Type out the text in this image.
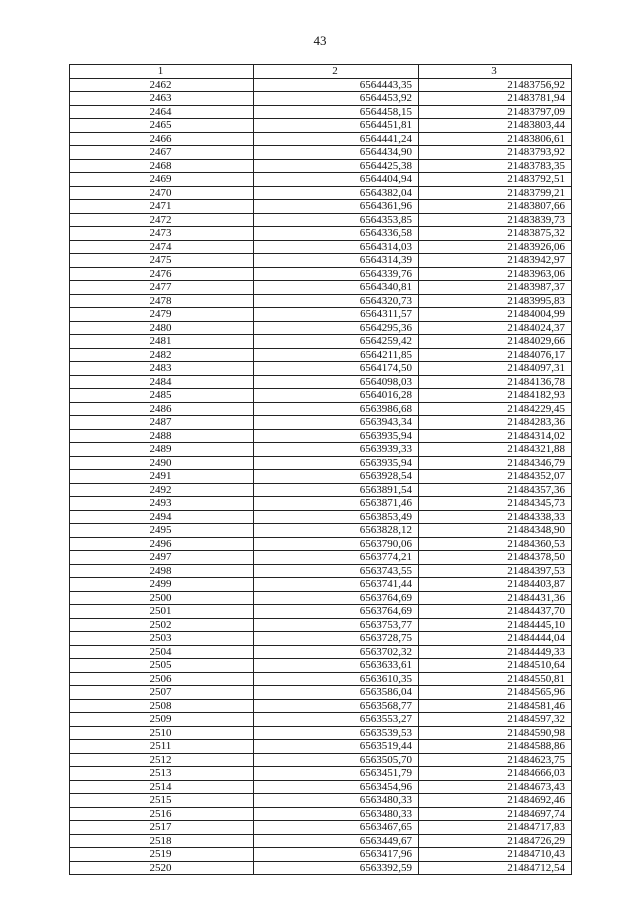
43
1	2	3
2462	6564443,35	21483756,92
2463	6564453,92	21483781,94
2464	6564458,15	21483797,09
2465	6564451,81	21483803,44
2466	6564441,24	21483806,61
2467	6564434,90	21483793,92
2468	6564425,38	21483783,35
2469	6564404,94	21483792,51
2470	6564382,04	21483799,21
2471	6564361,96	21483807,66
2472	6564353,85	21483839,73
2473	6564336,58	21483875,32
2474	6564314,03	21483926,06
2475	6564314,39	21483942,97
2476	6564339,76	21483963,06
2477	6564340,81	21483987,37
2478	6564320,73	21483995,83
2479	6564311,57	21484004,99
2480	6564295,36	21484024,37
2481	6564259,42	21484029,66
2482	6564211,85	21484076,17
2483	6564174,50	21484097,31
2484	6564098,03	21484136,78
2485	6564016,28	21484182,93
2486	6563986,68	21484229,45
2487	6563943,34	21484283,36
2488	6563935,94	21484314,02
2489	6563939,33	21484321,88
2490	6563935,94	21484346,79
2491	6563928,54	21484352,07
2492	6563891,54	21484357,36
2493	6563871,46	21484345,73
2494	6563853,49	21484338,33
2495	6563828,12	21484348,90
2496	6563790,06	21484360,53
2497	6563774,21	21484378,50
2498	6563743,55	21484397,53
2499	6563741,44	21484403,87
2500	6563764,69	21484431,36
2501	6563764,69	21484437,70
2502	6563753,77	21484445,10
2503	6563728,75	21484444,04
2504	6563702,32	21484449,33
2505	6563633,61	21484510,64
2506	6563610,35	21484550,81
2507	6563586,04	21484565,96
2508	6563568,77	21484581,46
2509	6563553,27	21484597,32
2510	6563539,53	21484590,98
2511	6563519,44	21484588,86
2512	6563505,70	21484623,75
2513	6563451,79	21484666,03
2514	6563454,96	21484673,43
2515	6563480,33	21484692,46
2516	6563480,33	21484697,74
2517	6563467,65	21484717,83
2518	6563449,67	21484726,29
2519	6563417,96	21484710,43
2520	6563392,59	21484712,54
